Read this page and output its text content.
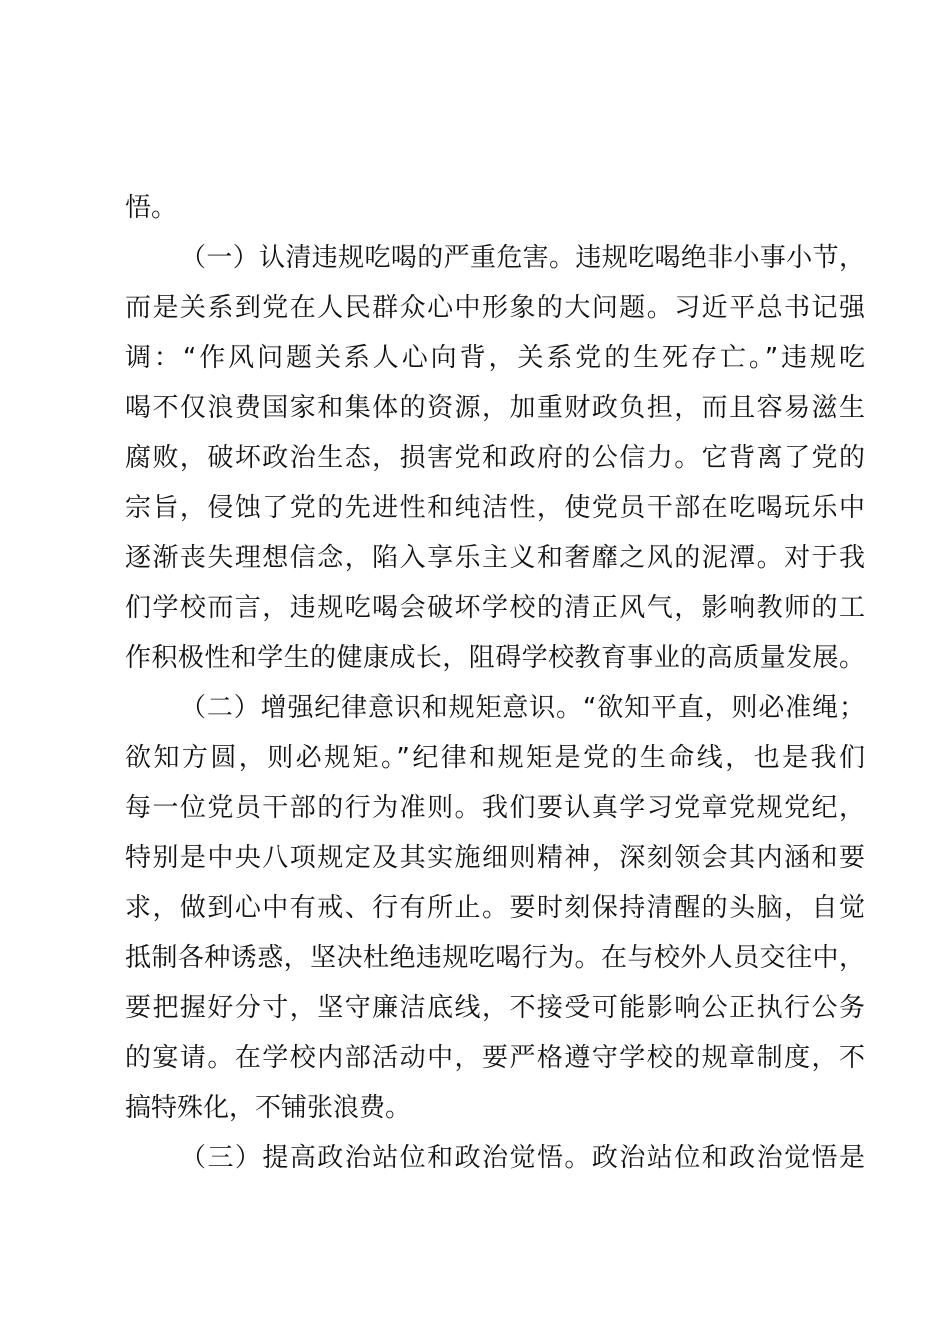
悟。
（一）认清违规吃喝的严重危害。违规吃喝绝非小事小节，
而是关系到党在人民群众心中形象的大问题。习近平总书记强
调：“作风问题关系人心向背，关系党的生死存亡。”违规吃
喝不仅浪费国家和集体的资源，加重财政负担，而且容易滋生
腐败，破坏政治生态，损害党和政府的公信力。它背离了党的
宗旨，侵蚀了党的先进性和纯洁性，使党员干部在吃喝玩乐中
逐渐丧失理想信念，陷入享乐主义和奢靡之风的泥潭。对于我
们学校而言，违规吃喝会破坏学校的清正风气，影响教师的工
作积极性和学生的健康成长，阻碍学校教育事业的高质量发展。
（二）增强纪律意识和规矩意识。“欲知平直，则必准绳；
欲知方圆，则必规矩。”纪律和规矩是党的生命线，也是我们
每一位党员干部的行为准则。我们要认真学习党章党规党纪，
特别是中央八项规定及其实施细则精神，深刻领会其内涵和要
求，做到心中有戒、行有所止。要时刻保持清醒的头脑，自觉
抵制各种诱惑，坚决杜绝违规吃喝行为。在与校外人员交往中，
要把握好分寸，坚守廉洁底线，不接受可能影响公正执行公务
的宴请。在学校内部活动中，要严格遵守学校的规章制度，不
搞特殊化，不铺张浪费。
（三）提高政治站位和政治觉悟。政治站位和政治觉悟是
